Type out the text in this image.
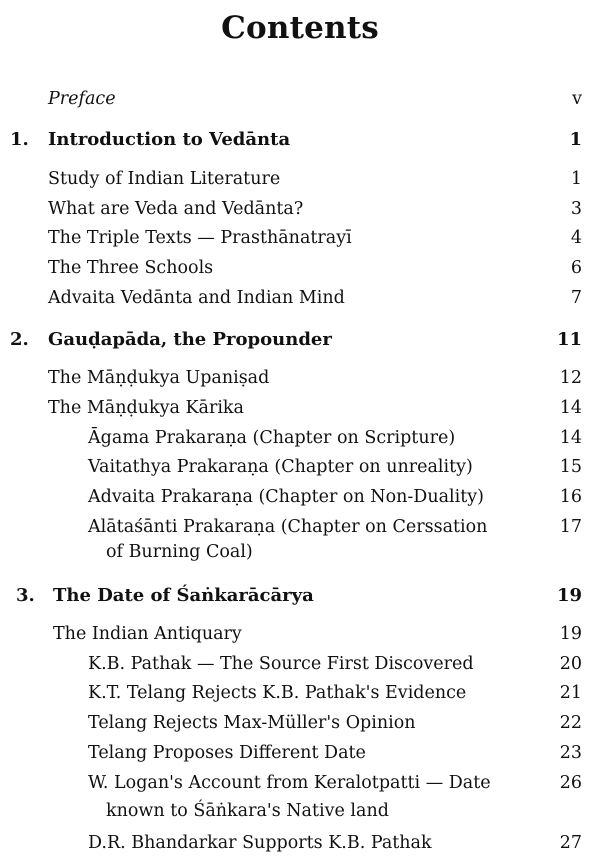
Contents
Preface	v
1. Introduction to Vedānta	1
Study of Indian Literature	1
What are Veda and Vedānta?	3
The Triple Texts — Prasthānatrayī	4
The Three Schools	6
Advaita Vedānta and Indian Mind	7
2. Gauḍapāda, the Propounder	11
The Māṇḍukya Upaniṣad	12
The Māṇḍukya Kārika	14
Āgama Prakaraṇa (Chapter on Scripture)	14
Vaitathya Prakaraṇa (Chapter on unreality)	15
Advaita Prakaraṇa (Chapter on Non-Duality)	16
Alātaśānti Prakaraṇa (Chapter on Cerssation	17
of Burning Coal)
3. The Date of Śaṅkarācārya	19
The Indian Antiquary	19
K.B. Pathak — The Source First Discovered	20
K.T. Telang Rejects K.B. Pathak's Evidence	21
Telang Rejects Max-Müller's Opinion	22
Telang Proposes Different Date	23
W. Logan's Account from Keralotpatti — Date	26
known to Śāṅkara's Native land
D.R. Bhandarkar Supports K.B. Pathak	27
